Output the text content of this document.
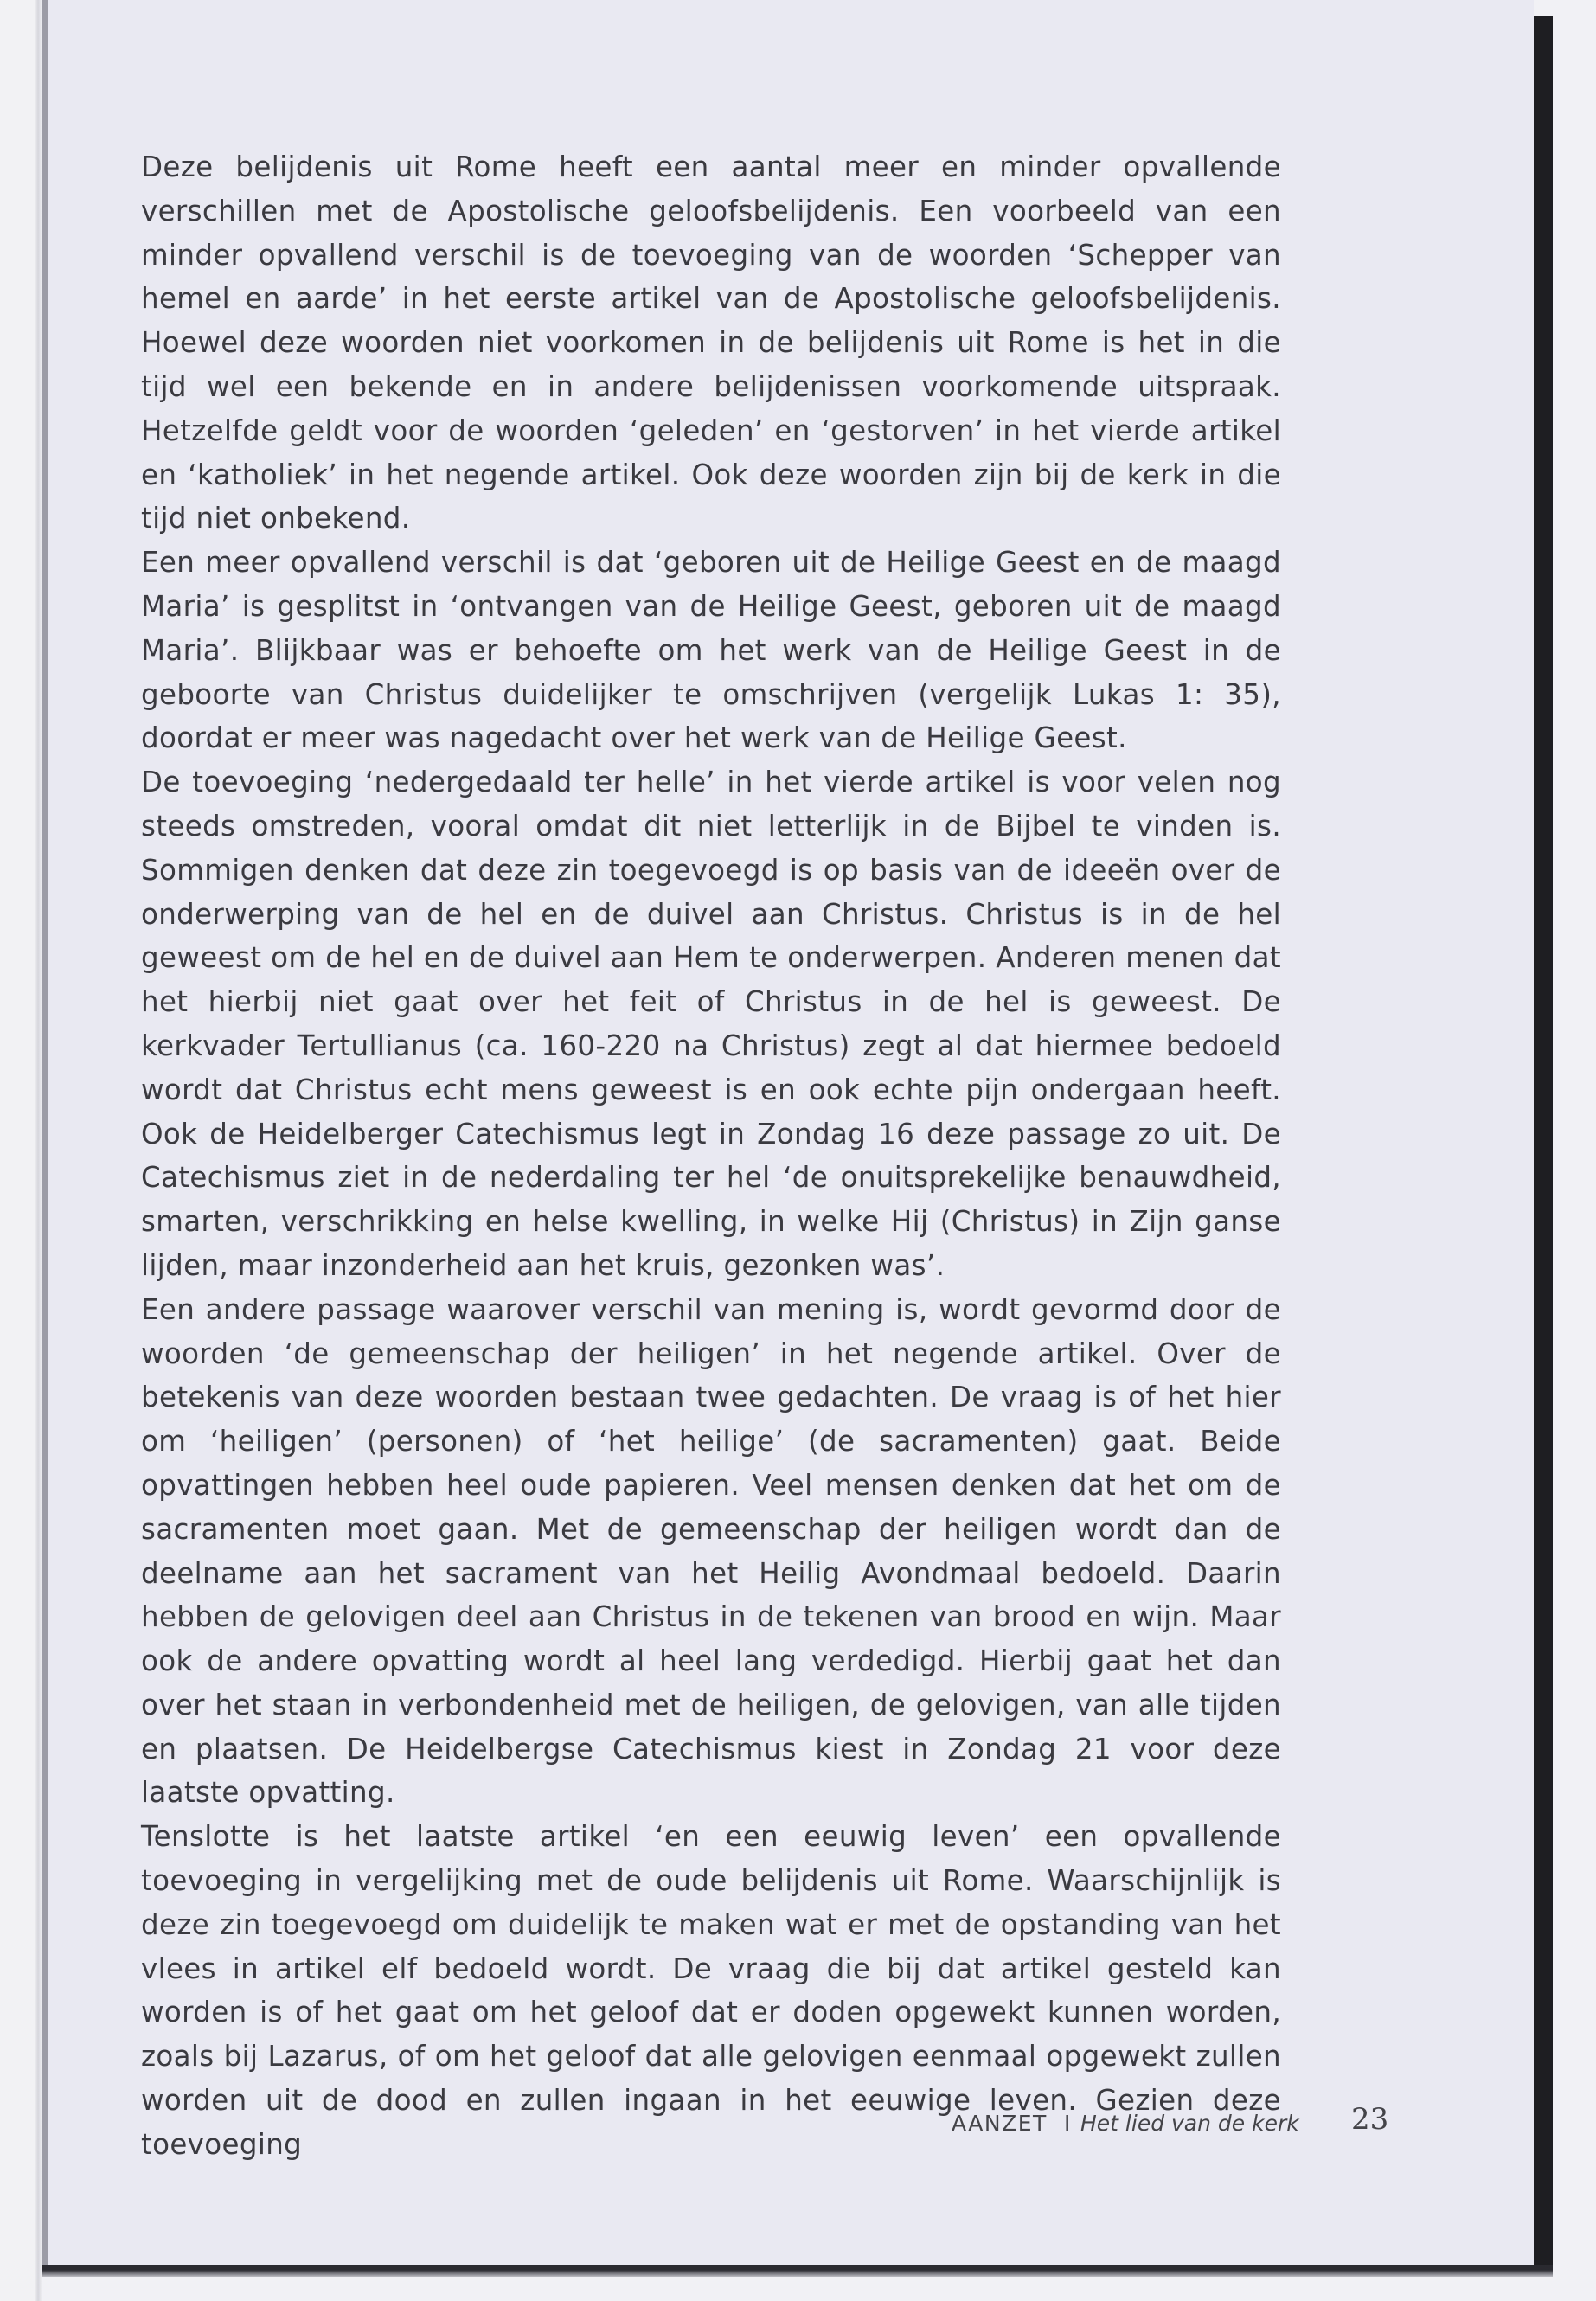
Deze belijdenis uit Rome heeft een aantal meer en minder opvallende verschillen met de Apostolische geloofsbelijdenis. Een voorbeeld van een minder opvallend verschil is de toevoeging van de woorden ‘Schepper van hemel en aarde’ in het eerste artikel van de Apostolische geloofsbelijdenis. Hoewel deze woorden niet voorkomen in de belijdenis uit Rome is het in die tijd wel een bekende en in andere belijdenissen voorkomende uitspraak. Hetzelfde geldt voor de woorden ‘geleden’ en ‘gestorven’ in het vierde artikel en ‘katholiek’ in het negende artikel. Ook deze woorden zijn bij de kerk in die tijd niet onbekend.

Een meer opvallend verschil is dat ‘geboren uit de Heilige Geest en de maagd Maria’ is gesplitst in ‘ontvangen van de Heilige Geest, geboren uit de maagd Maria’. Blijkbaar was er behoefte om het werk van de Heilige Geest in de geboorte van Christus duidelijker te omschrijven (vergelijk Lukas 1: 35), doordat er meer was nagedacht over het werk van de Heilige Geest.

De toevoeging ‘nedergedaald ter helle’ in het vierde artikel is voor velen nog steeds omstreden, vooral omdat dit niet letterlijk in de Bijbel te vinden is. Sommigen denken dat deze zin toegevoegd is op basis van de ideeën over de onderwerping van de hel en de duivel aan Christus. Christus is in de hel geweest om de hel en de duivel aan Hem te onderwerpen. Anderen menen dat het hierbij niet gaat over het feit of Christus in de hel is geweest. De kerkvader Tertullianus (ca. 160-220 na Christus) zegt al dat hiermee bedoeld wordt dat Christus echt mens geweest is en ook echte pijn ondergaan heeft. Ook de Heidelberger Catechismus legt in Zondag 16 deze passage zo uit. De Catechismus ziet in de nederdaling ter hel ‘de onuitsprekelijke benauwdheid, smarten, verschrikking en helse kwelling, in welke Hij (Christus) in Zijn ganse lijden, maar inzonderheid aan het kruis, gezonken was’.

Een andere passage waarover verschil van mening is, wordt gevormd door de woorden ‘de gemeenschap der heiligen’ in het negende artikel. Over de betekenis van deze woorden bestaan twee gedachten. De vraag is of het hier om ‘heiligen’ (personen) of ‘het heilige’ (de sacramenten) gaat. Beide opvattingen hebben heel oude papieren. Veel mensen denken dat het om de sacramenten moet gaan. Met de gemeenschap der heiligen wordt dan de deelname aan het sacrament van het Heilig Avondmaal bedoeld. Daarin hebben de gelovigen deel aan Christus in de tekenen van brood en wijn. Maar ook de andere opvatting wordt al heel lang verdedigd. Hierbij gaat het dan over het staan in verbondenheid met de heiligen, de gelovigen, van alle tijden en plaatsen. De Heidelbergse Catechismus kiest in Zondag 21 voor deze laatste opvatting.

Tenslotte is het laatste artikel ‘en een eeuwig leven’ een opvallende toevoeging in vergelijking met de oude belijdenis uit Rome. Waarschijnlijk is deze zin toegevoegd om duidelijk te maken wat er met de opstanding van het vlees in artikel elf bedoeld wordt. De vraag die bij dat artikel gesteld kan worden is of het gaat om het geloof dat er doden opgewekt kunnen worden, zoals bij Lazarus, of om het geloof dat alle gelovigen eenmaal opgewekt zullen worden uit de dood en zullen ingaan in het eeuwige leven. Gezien deze toevoeging

AANZET I Het lied van de kerk 23
